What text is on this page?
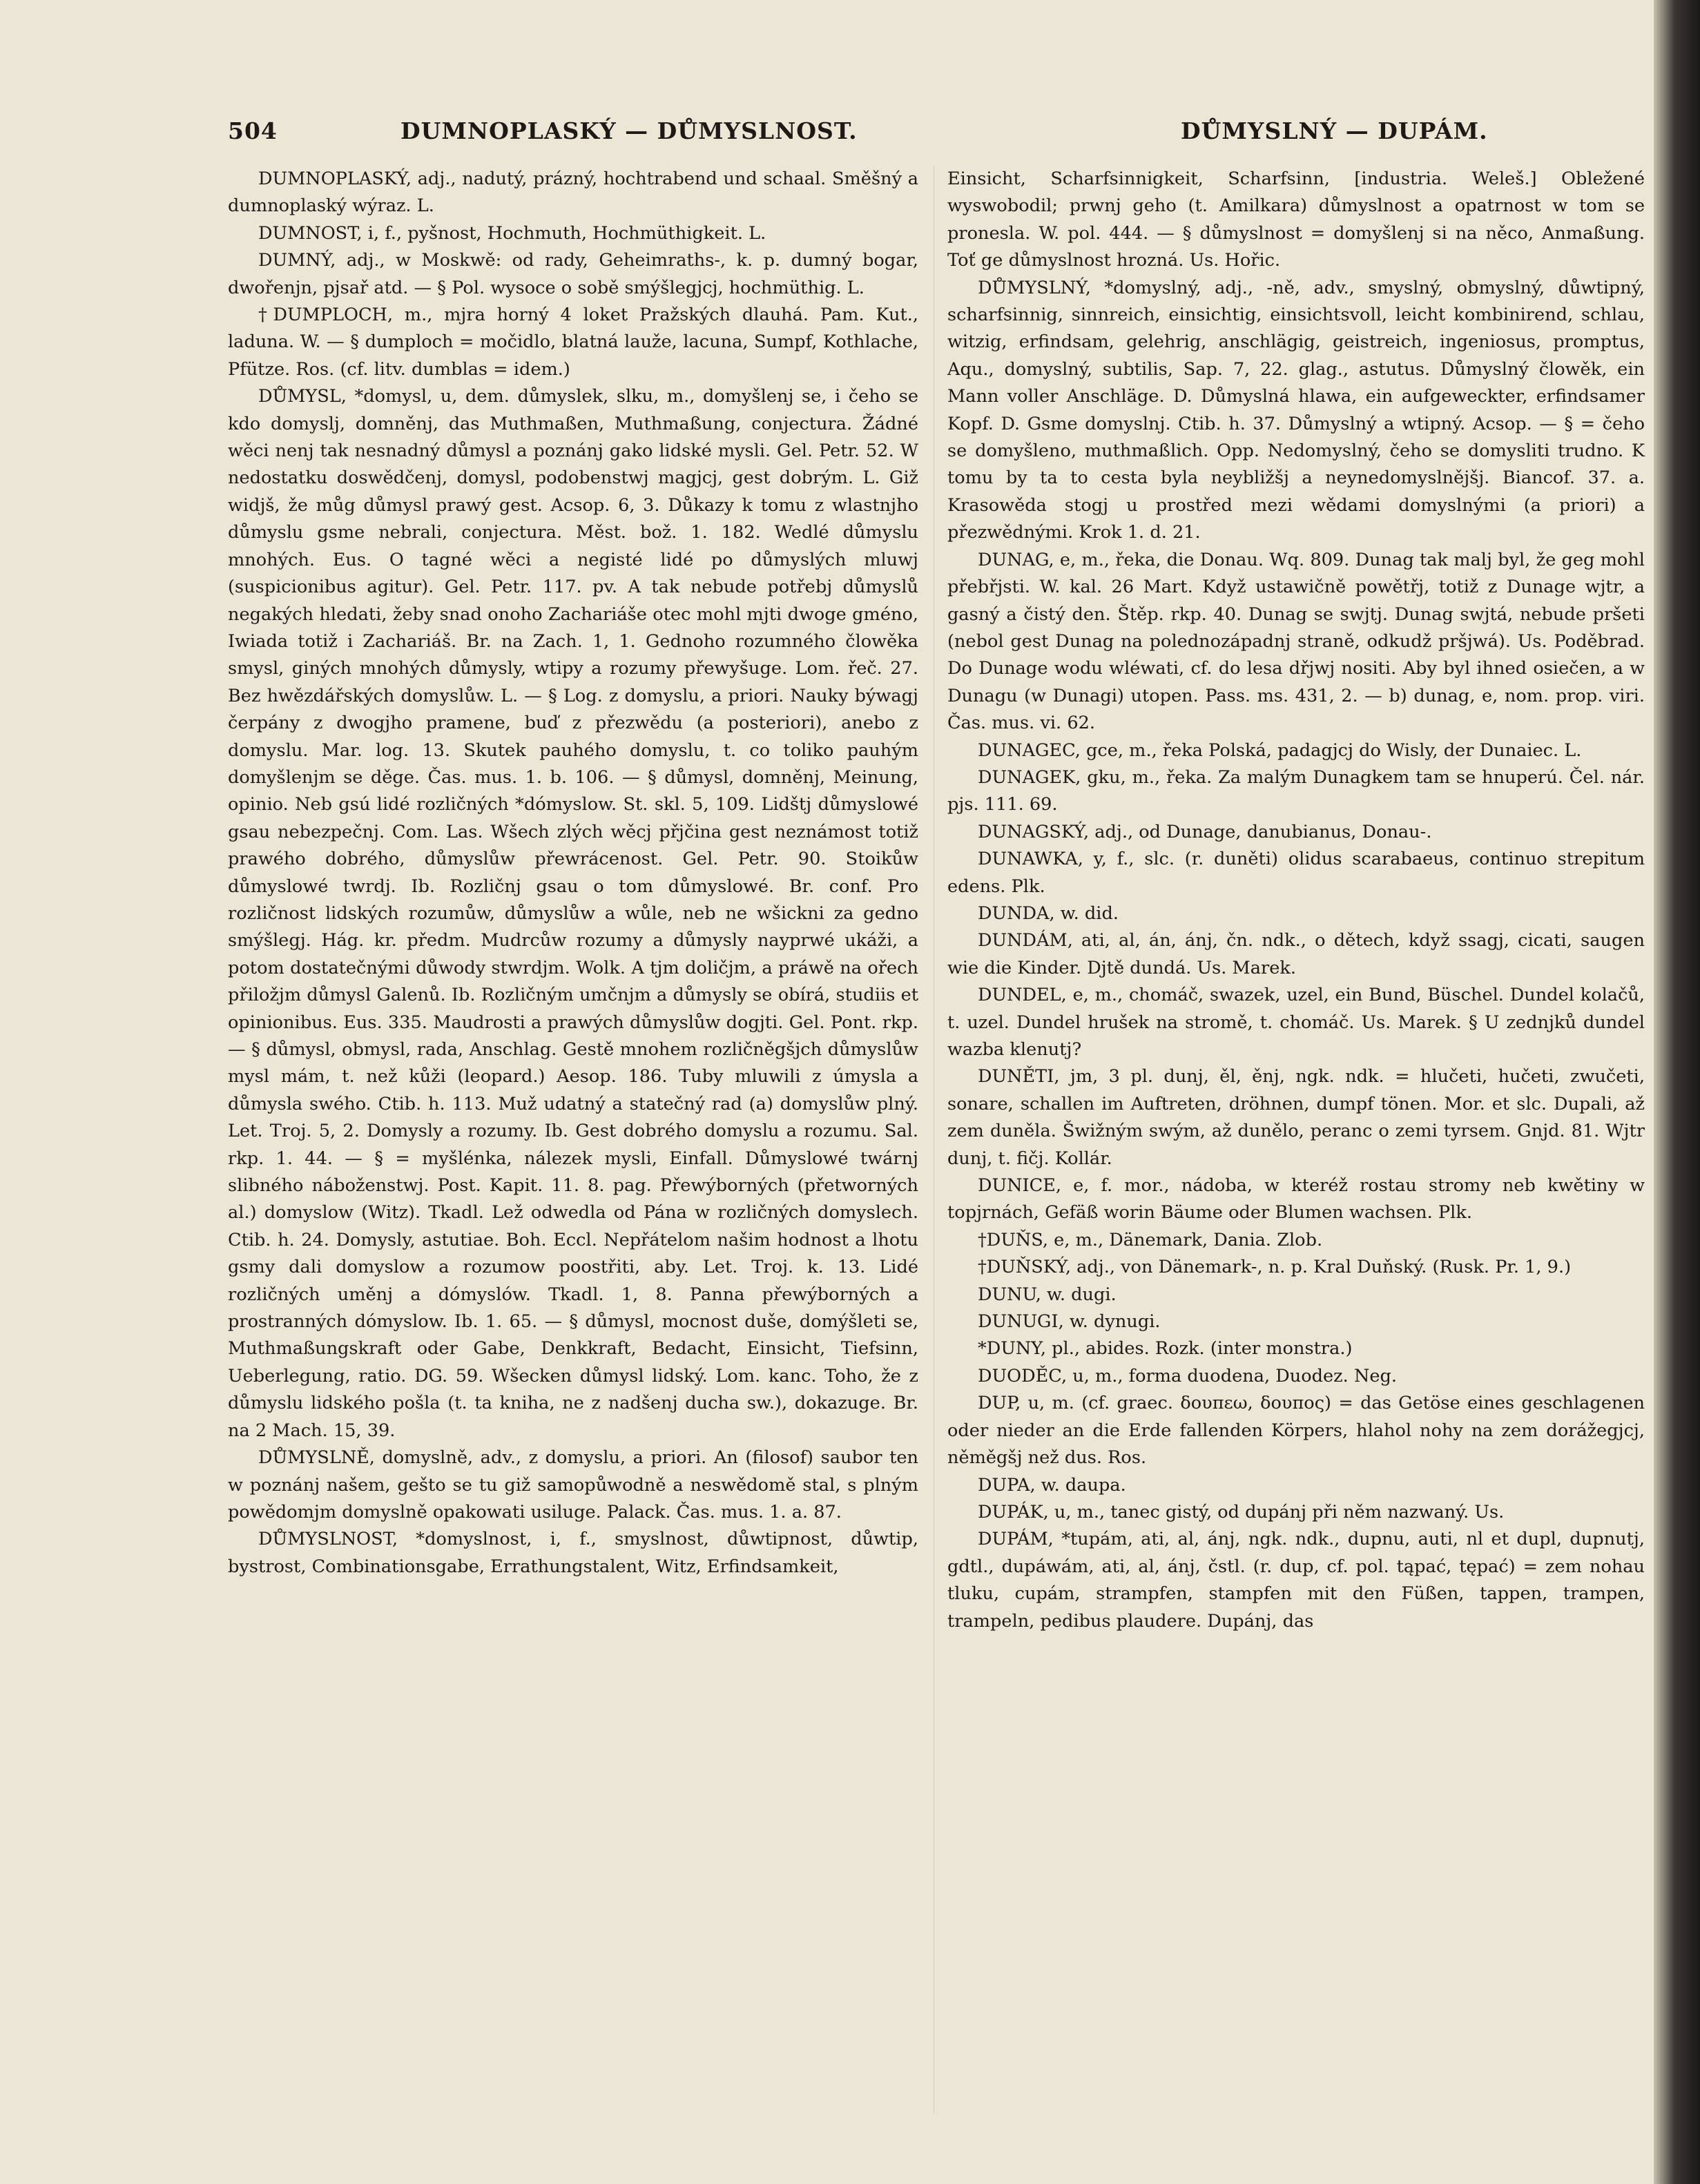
504	DUMNOPLASKÝ — DŮMYSLNOST.	DŮMYSLNÝ — DUPÁM.

DUMNOPLASKÝ, adj., nadutý, prázný, hochtrabend und schaal. Směšný a dumnoplaský wýraz. L.

DUMNOST, i, f., pyšnost, Hochmuth, Hochmüthigkeit. L.

DUMNÝ, adj., w Moskwě: od rady, Geheimraths-, k. p. dumný bogar, dwořenjn, pjsař atd. — § Pol. wysoce o sobě smýšlegjcj, hochmüthig. L.

†DUMPLOCH, m., mjra horný 4 loket Pražských dlauhá. Pam. Kut., laduna. W. — § dumploch = močidlo, blatná lauže, lacuna, Sumpf, Kothlache, Pfütze. Ros. (cf. litv. dumblas = idem.)

DŮMYSL, *domysl, u, dem. důmyslek, slku, m., domyšlenj se, i čeho se kdo domyslj, domněnj, das Muthmaßen, Muthmaßung, conjectura. Žádné wěci nenj tak nesnadný důmysl a poznánj gako lidské mysli. Gel. Petr. 52. W nedostatku doswědčenj, domysl, podobenstwj magjcj, gest dobrým. L. Giž widjš, že můg důmysl prawý gest. Acsop. 6, 3. Důkazy k tomu z wlastnjho důmyslu gsme nebrali, conjectura. Měst. bož. 1. 182. Wedlé důmyslu mnohých. Eus. O tagné wěci a negisté lidé po důmyslých mluwj (suspicionibus agitur). Gel. Petr. 117. pv. A tak nebude potřebj důmyslů negakých hledati, žeby snad onoho Zachariáše otec mohl mjti dwoge gméno, Iwiada totiž i Zachariáš. Br. na Zach. 1, 1. Gednoho rozumného člowěka smysl, giných mnohých důmysly, wtipy a rozumy přewyšuge. Lom. řeč. 27. Bez hwězdářských domyslůw. L. — § Log. z domyslu, a priori. Nauky býwagj čerpány z dwogjho pramene, buď z přezwědu (a posteriori), anebo z domyslu. Mar. log. 13. Skutek pauhého domyslu, t. co toliko pauhým domyšlenjm se děge. Čas. mus. 1. b. 106. — § důmysl, domněnj, Meinung, opinio. Neb gsú lidé rozličných *dómyslow. St. skl. 5, 109. Lidštj důmyslowé gsau nebezpečnj. Com. Las. Wšech zlých wěcj přjčina gest neznámost totiž prawého dobrého, důmyslůw přewrácenost. Gel. Petr. 90. Stoikůw důmyslowé twrdj. Ib. Rozličnj gsau o tom důmyslowé. Br. conf. Pro rozličnost lidských rozumůw, důmyslůw a wůle, neb ne wšickni za gedno smýšlegj. Hág. kr. předm. Mudrcůw rozumy a důmysly nayprwé ukáži, a potom dostatečnými důwody stwrdjm. Wolk. A tjm doličjm, a práwě na ořech přiložjm důmysl Galenů. Ib. Rozličným umčnjm a důmysly se obírá, studiis et opinionibus. Eus. 335. Maudrosti a prawých důmyslůw dogjti. Gel. Pont. rkp. — § důmysl, obmysl, rada, Anschlag. Gestě mnohem rozličněgšjch důmyslůw mysl mám, t. než kůži (leopard.) Aesop. 186. Tuby mluwili z úmysla a důmysla swého. Ctib. h. 113. Muž udatný a statečný rad (a) domyslůw plný. Let. Troj. 5, 2. Domysly a rozumy. Ib. Gest dobrého domyslu a rozumu. Sal. rkp. 1. 44. — § = myšlénka, nálezek mysli, Einfall. Důmyslowé twárnj slibného náboženstwj. Post. Kapit. 11. 8. pag. Přewýborných (přetworných al.) domyslow (Witz). Tkadl. Lež odwedla od Pána w rozličných domyslech. Ctib. h. 24. Domysly, astutiae. Boh. Eccl. Nepřátelom našim hodnost a lhotu gsmy dali domyslow a rozumow poostřiti, aby. Let. Troj. k. 13. Lidé rozličných uměnj a dómyslów. Tkadl. 1, 8. Panna přewýborných a prostranných dómyslow. Ib. 1. 65. — § důmysl, mocnost duše, domýšleti se, Muthmaßungskraft oder Gabe, Denkkraft, Bedacht, Einsicht, Tiefsinn, Ueberlegung, ratio. DG. 59. Wšecken důmysl lidský. Lom. kanc. Toho, že z důmyslu lidského pošla (t. ta kniha, ne z nadšenj ducha sw.), dokazuge. Br. na 2 Mach. 15, 39.

DŮMYSLNĚ, domyslně, adv., z domyslu, a priori. An (filosof) saubor ten w poznánj našem, gešto se tu giž samopůwodně a neswědomě stal, s plným powědomjm domyslně opakowati usiluge. Palack. Čas. mus. 1. a. 87.

DŮMYSLNOST, *domyslnost, i, f., smyslnost, důwtipnost, důwtip, bystrost, Combinationsgabe, Errathungstalent, Witz, Erfindsamkeit,

Einsicht, Scharfsinnigkeit, Scharfsinn, [industria. Weleš.] Obležené wyswobodil; prwnj geho (t. Amilkara) důmyslnost a opatrnost w tom se pronesla. W. pol. 444. — § důmyslnost = domyšlenj si na něco, Anmaßung. Toť ge důmyslnost hrozná. Us. Hořic.

DŮMYSLNÝ, *domyslný, adj., -ně, adv., smyslný, obmyslný, důwtipný, scharfsinnig, sinnreich, einsichtig, einsichtsvoll, leicht kombinirend, schlau, witzig, erfindsam, gelehrig, anschlägig, geistreich, ingeniosus, promptus, Aqu., domyslný, subtilis, Sap. 7, 22. glag., astutus. Důmyslný člowěk, ein Mann voller Anschläge. D. Důmyslná hlawa, ein aufgeweckter, erfindsamer Kopf. D. Gsme domyslnj. Ctib. h. 37. Důmyslný a wtipný. Acsop. — § = čeho se domyšleno, muthmaßlich. Opp. Nedomyslný, čeho se domysliti trudno. K tomu by ta to cesta byla neybližšj a neynedomyslnějšj. Biancof. 37. a. Krasowěda stogj u prostřed mezi wědami domyslnými (a priori) a přezwědnými. Krok 1. d. 21.

DUNAG, e, m., řeka, die Donau. Wq. 809. Dunag tak malj byl, že geg mohl přebřjsti. W. kal. 26 Mart. Když ustawičně powětřj, totiž z Dunage wjtr, a gasný a čistý den. Štěp. rkp. 40. Dunag se swjtj. Dunag swjtá, nebude pršeti (nebol gest Dunag na polednozápadnj straně, odkudž pršjwá). Us. Poděbrad. Do Dunage wodu wléwati, cf. do lesa dřjwj nositi. Aby byl ihned osiečen, a w Dunagu (w Dunagi) utopen. Pass. ms. 431, 2. — b) dunag, e, nom. prop. viri. Čas. mus. vi. 62.

DUNAGEC, gce, m., řeka Polská, padagjcj do Wisly, der Dunaiec. L.

DUNAGEK, gku, m., řeka. Za malým Dunagkem tam se hnuperú. Čel. nár. pjs. 111. 69.

DUNAGSKÝ, adj., od Dunage, danubianus, Donau-.

DUNAWKA, y, f., slc. (r. duněti) olidus scarabaeus, continuo strepitum edens. Plk.

DUNDA, w. did.

DUNDÁM, ati, al, án, ánj, čn. ndk., o dětech, když ssagj, cicati, saugen wie die Kinder. Djtě dundá. Us. Marek.

DUNDEL, e, m., chomáč, swazek, uzel, ein Bund, Büschel. Dundel kolačů, t. uzel. Dundel hrušek na stromě, t. chomáč. Us. Marek. § U zednjků dundel wazba klenutj?

DUNĚTI, jm, 3 pl. dunj, ěl, ěnj, ngk. ndk. = hlučeti, hučeti, zwučeti, sonare, schallen im Auftreten, dröhnen, dumpf tönen. Mor. et slc. Dupali, až zem duněla. Šwižným swým, až dunělo, peranc o zemi tyrsem. Gnjd. 81. Wjtr dunj, t. fičj. Kollár.

DUNICE, e, f. mor., nádoba, w kteréž rostau stromy neb kwětiny w topjrnách, Gefäß worin Bäume oder Blumen wachsen. Plk.

†DUŇS, e, m., Dänemark, Dania. Zlob.

†DUŇSKÝ, adj., von Dänemark-, n. p. Kral Duňský. (Rusk. Pr. 1, 9.)

DUNU, w. dugi.

DUNUGI, w. dynugi.

*DUNY, pl., abides. Rozk. (inter monstra.)

DUODĚC, u, m., forma duodena, Duodez. Neg.

DUP, u, m. (cf. graec. δουπεω, δουπος) = das Getöse eines geschlagenen oder nieder an die Erde fallenden Körpers, hlahol nohy na zem dorážegjcj, něměgšj než dus. Ros.

DUPA, w. daupa.

DUPÁK, u, m., tanec gistý, od dupánj při něm nazwaný. Us.

DUPÁM, *tupám, ati, al, ánj, ngk. ndk., dupnu, auti, nl et dupl, dupnutj, gdtl., dupáwám, ati, al, ánj, čstl. (r. dup, cf. pol. tąpać, tępać) = zem nohau tluku, cupám, strampfen, stampfen mit den Füßen, tappen, trampen, trampeln, pedibus plaudere. Dupánj, das
